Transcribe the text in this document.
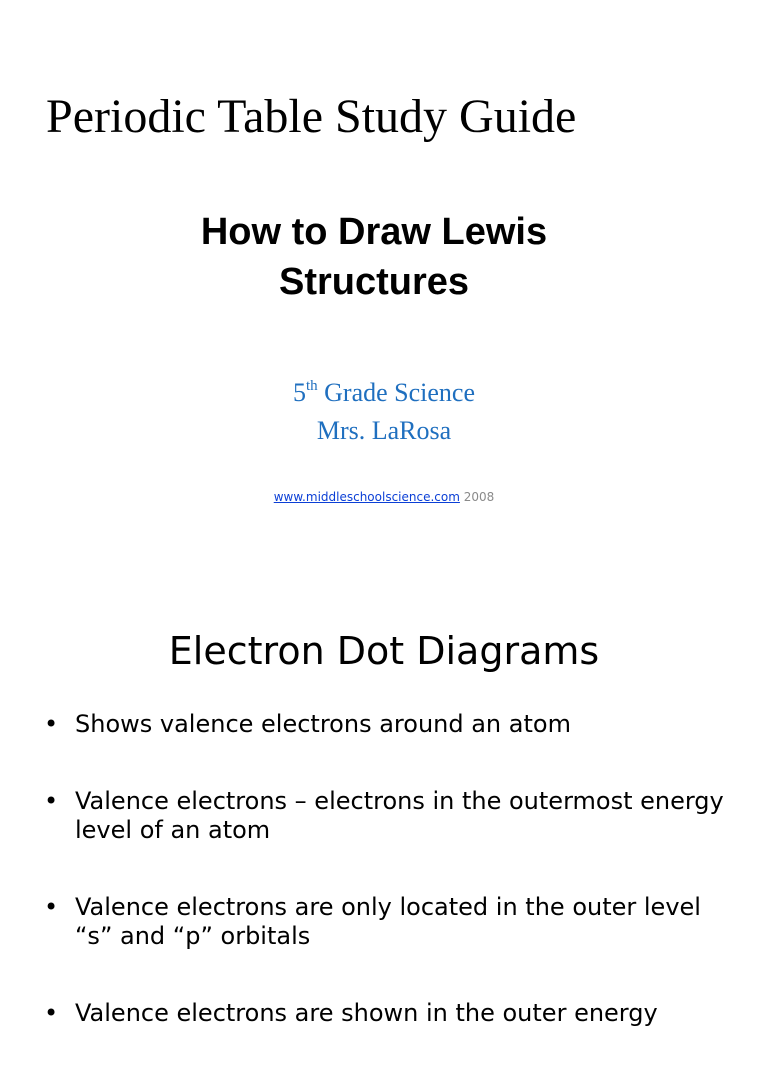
Periodic Table Study Guide
How to Draw Lewis
Structures
5th Grade Science
Mrs. LaRosa
www.middleschoolscience.com 2008
Electron Dot Diagrams
• Shows valence electrons around an atom
• Valence electrons – electrons in the outermost energy level of an atom
• Valence electrons are only located in the outer level “s” and “p” orbitals
• Valence electrons are shown in the outer energy
